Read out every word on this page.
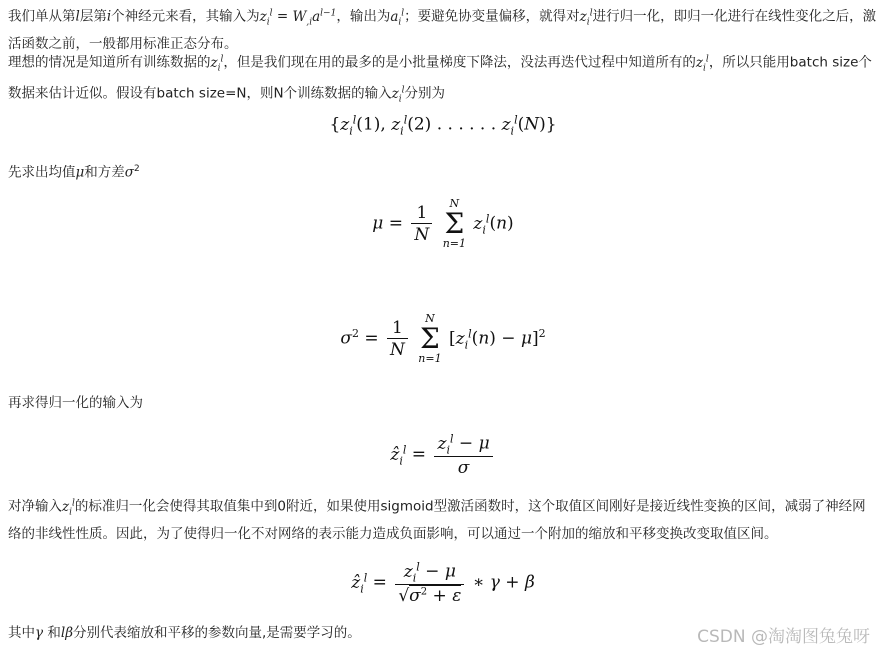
我们单从第l层第i个神经元来看，其输入为$z_i^l = W_{,i}a^{l-1}$，输出为$a_i^l$；要避免协变量偏移，就得对$z_i^l$进行归一化，即归一化进行在线性变化之后，激活函数之前，一般都用标准正态分布。
理想的情况是知道所有训练数据的$z_i^l$，但是我们现在用的最多的是小批量梯度下降法，没法再迭代过程中知道所有的$z_i^l$，所以只能用batch size个数据来估计近似。假设有batch size=N，则N个训练数据的输入$z_i^l$分别为
{$z_i^l(1)$, $z_i^l(2)$ . . . . . . $z_i^l(N)$}
先求出均值μ和方差$\sigma^2$
$\mu = \frac{1}{N}$
	N
Σ
n=1
$z_i^l(n)$
$\sigma^2 = \frac{1}{N}$
	N
Σ
n=1
$[z_i^l(n) - \mu]^2$
再求得归一化的输入为
ẑ$_i^l$ = $\frac{z_i^l - \mu}{\sigma}$
对净输入$z_i^l$的标准归一化会使得其取值集中到0附近，如果使用sigmoid型激活函数时，这个取值区间刚好是接近线性变换的区间，减弱了神经网络的非线性性质。因此，为了使得归一化不对网络的表示能力造成负面影响，可以通过一个附加的缩放和平移变换改变取值区间。
ẑ$_i^l$ = $\frac{z_i^l - \mu}{√\sigma^2 + \varepsilon}$ ∗ γ + β
其中γ 和lβ分别代表缩放和平移的参数向量,是需要学习的。	CSDN @淘淘图兔兔呀
